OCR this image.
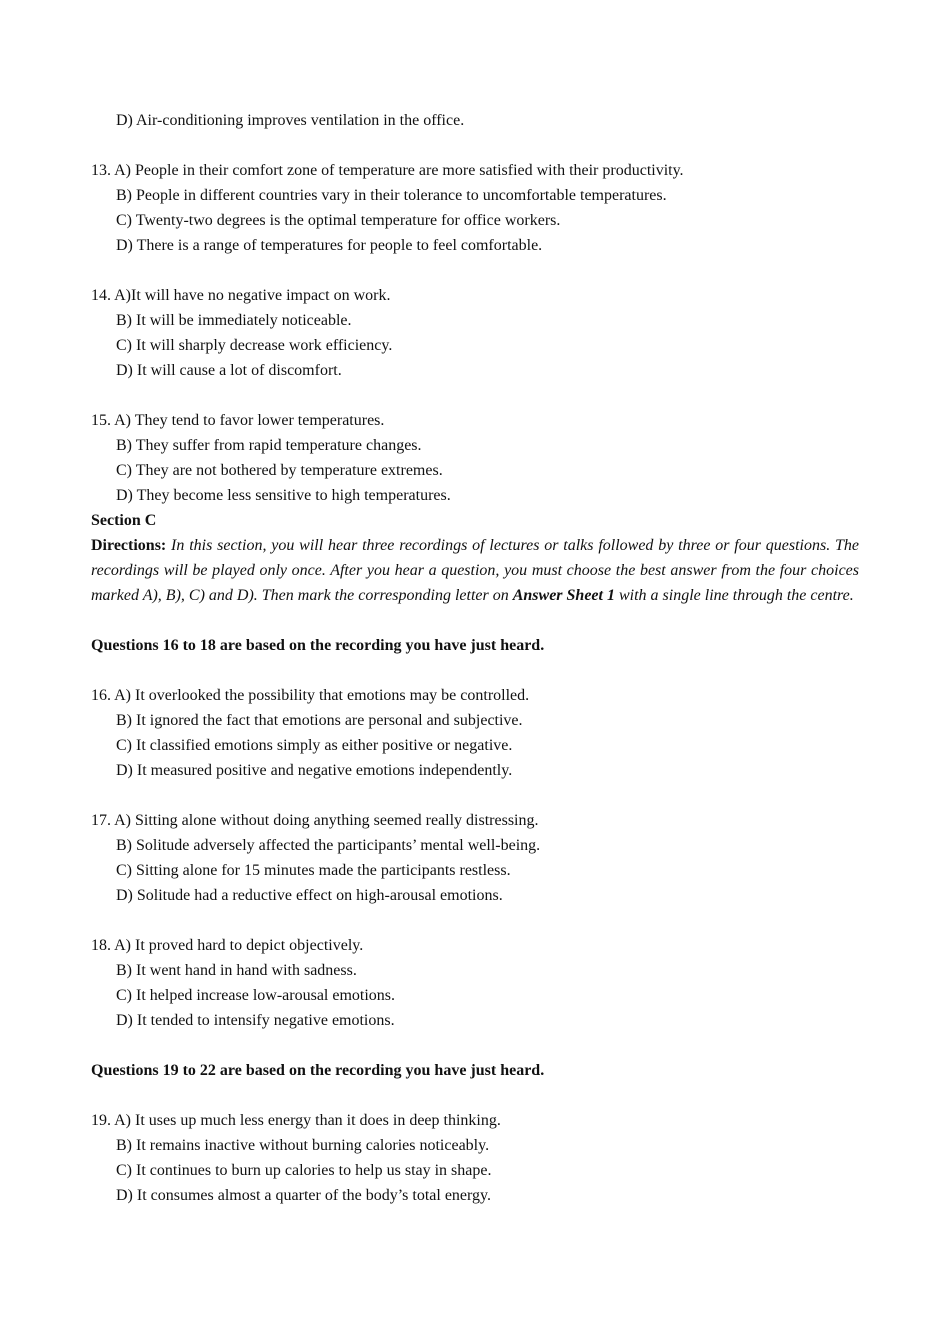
D) Air-conditioning improves ventilation in the office.
13. A) People in their comfort zone of temperature are more satisfied with their productivity.
B) People in different countries vary in their tolerance to uncomfortable temperatures.
C) Twenty-two degrees is the optimal temperature for office workers.
D) There is a range of temperatures for people to feel comfortable.
14. A)It will have no negative impact on work.
B) It will be immediately noticeable.
C) It will sharply decrease work efficiency.
D) It will cause a lot of discomfort.
15. A) They tend to favor lower temperatures.
B) They suffer from rapid temperature changes.
C) They are not bothered by temperature extremes.
D) They become less sensitive to high temperatures.
Section C
Directions: In this section, you will hear three recordings of lectures or talks followed by three or four questions. The recordings will be played only once. After you hear a question, you must choose the best answer from the four choices marked A), B), C) and D). Then mark the corresponding letter on Answer Sheet 1 with a single line through the centre.
Questions 16 to 18 are based on the recording you have just heard.
16. A) It overlooked the possibility that emotions may be controlled.
B) It ignored the fact that emotions are personal and subjective.
C) It classified emotions simply as either positive or negative.
D) It measured positive and negative emotions independently.
17. A) Sitting alone without doing anything seemed really distressing.
B) Solitude adversely affected the participants’ mental well-being.
C) Sitting alone for 15 minutes made the participants restless.
D) Solitude had a reductive effect on high-arousal emotions.
18. A) It proved hard to depict objectively.
B) It went hand in hand with sadness.
C) It helped increase low-arousal emotions.
D) It tended to intensify negative emotions.
Questions 19 to 22 are based on the recording you have just heard.
19. A) It uses up much less energy than it does in deep thinking.
B) It remains inactive without burning calories noticeably.
C) It continues to burn up calories to help us stay in shape.
D) It consumes almost a quarter of the body’s total energy.
